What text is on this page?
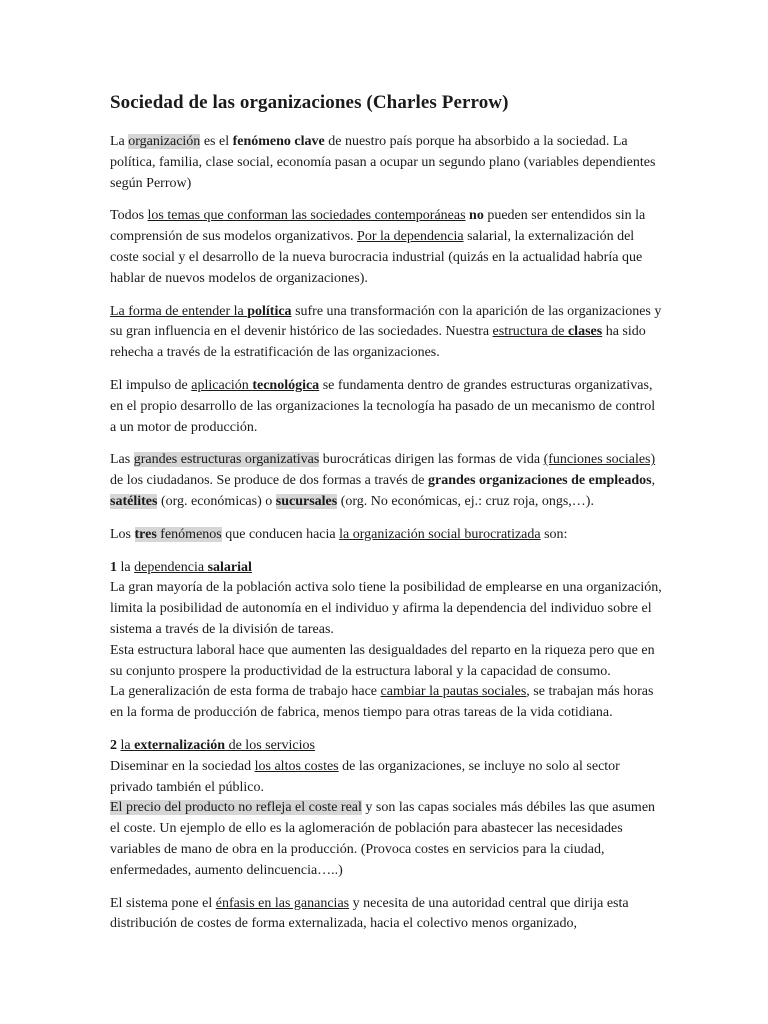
Sociedad de las organizaciones (Charles Perrow)

La organización es el fenómeno clave de nuestro país porque ha absorbido a la sociedad. La política, familia, clase social, economía pasan a ocupar un segundo plano (variables dependientes según Perrow)

Todos los temas que conforman las sociedades contemporáneas no pueden ser entendidos sin la comprensión de sus modelos organizativos. Por la dependencia salarial, la externalización del coste social y el desarrollo de la nueva burocracia industrial (quizás en la actualidad habría que hablar de nuevos modelos de organizaciones).

La forma de entender la política sufre una transformación con la aparición de las organizaciones y su gran influencia en el devenir histórico de las sociedades. Nuestra estructura de clases ha sido rehecha a través de la estratificación de las organizaciones.

El impulso de aplicación tecnológica se fundamenta dentro de grandes estructuras organizativas, en el propio desarrollo de las organizaciones la tecnología ha pasado de un mecanismo de control a un motor de producción.

Las grandes estructuras organizativas burocráticas dirigen las formas de vida (funciones sociales) de los ciudadanos. Se produce de dos formas a través de grandes organizaciones de empleados, satélites (org. económicas) o sucursales (org. No económicas, ej.: cruz roja, ongs,…).

Los tres fenómenos que conducen hacia la organización social burocratizada son:

1 la dependencia salarial
La gran mayoría de la población activa solo tiene la posibilidad de emplearse en una organización, limita la posibilidad de autonomía en el individuo y afirma la dependencia del individuo sobre el sistema a través de la división de tareas.
Esta estructura laboral hace que aumenten las desigualdades del reparto en la riqueza pero que en su conjunto prospere la productividad de la estructura laboral y la capacidad de consumo.
La generalización de esta forma de trabajo hace cambiar la pautas sociales, se trabajan más horas en la forma de producción de fabrica, menos tiempo para otras tareas de la vida cotidiana.

2 la externalización de los servicios
Diseminar en la sociedad los altos costes de las organizaciones, se incluye no solo al sector privado también el público.
El precio del producto no refleja el coste real y son las capas sociales más débiles las que asumen el coste. Un ejemplo de ello es la aglomeración de población para abastecer las necesidades variables de mano de obra en la producción. (Provoca costes en servicios para la ciudad, enfermedades, aumento delincuencia…..)

El sistema pone el énfasis en las ganancias y necesita de una autoridad central que dirija esta distribución de costes de forma externalizada, hacia el colectivo menos organizado,
